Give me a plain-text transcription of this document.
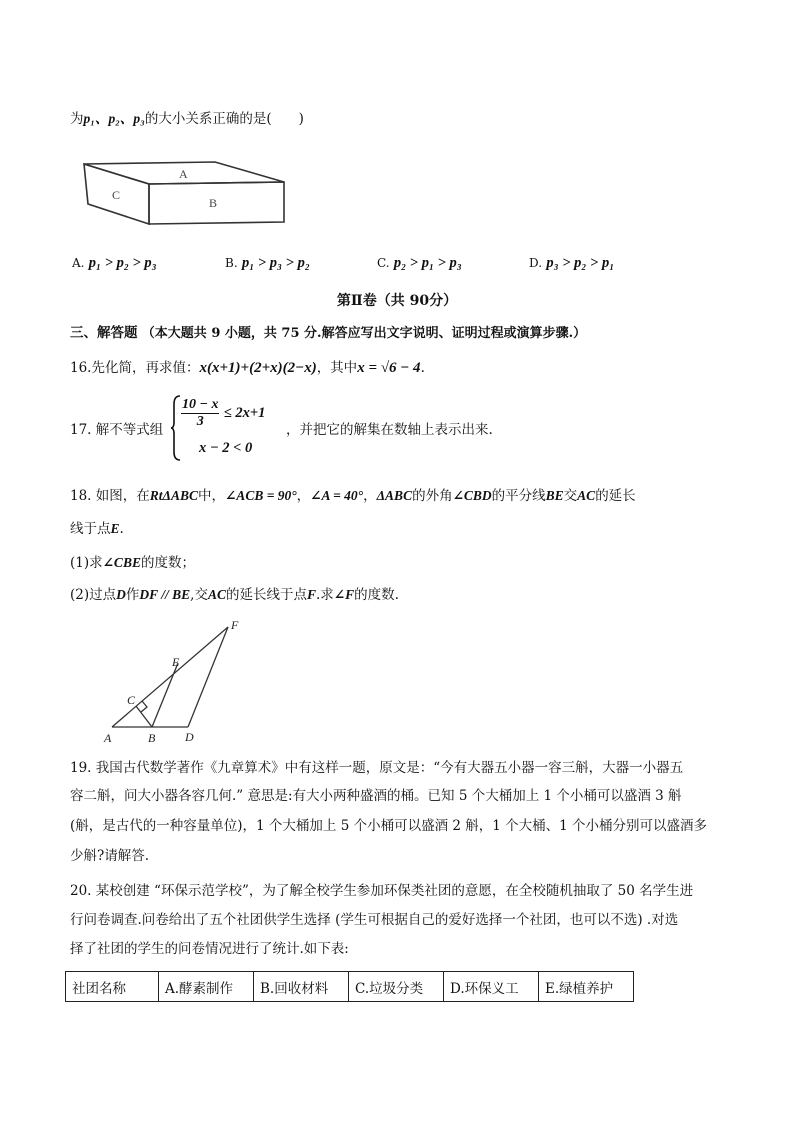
为p₁、p₂、p₃的大小关系正确的是(　　)
A
B
C
A. p₁ > p₂ > p₃	B. p₁ > p₃ > p₂	C. p₂ > p₁ > p₃	D. p₃ > p₂ > p₁
第Ⅱ卷（共 90分）
三、解答题 （本大题共 9 小题，共 75 分.解答应写出文字说明、证明过程或演算步骤.）
16.先化简，再求值：x(x+1)+(2+x)(2−x)，其中x = √6 − 4.
17. 解不等式组 $\frac{10 - x}{3} \le 2x+1$
x − 2 < 0
，并把它的解集在数轴上表示出来.
18. 如图，在RtΔABC中，∠ACB = 90°，∠A = 40°，ΔABC的外角∠CBD的平分线BE交AC的延长
线于点E.
(1)求∠CBE的度数；
(2)过点D作DF // BE,交AC的延长线于点F.求∠F的度数.
A	B D
C
E
F
19. 我国古代数学著作《九章算术》中有这样一题，原文是：“今有大器五小器一容三斛，大器一小器五
容二斛，问大小器各容几何.” 意思是:有大小两种盛酒的桶。已知 5 个大桶加上 1 个小桶可以盛酒 3 斛
(斛，是古代的一种容量单位)，1 个大桶加上 5 个小桶可以盛酒 2 斛，1 个大桶、1 个小桶分别可以盛酒多
少斛?请解答.
20. 某校创建 “环保示范学校”，为了解全校学生参加环保类社团的意愿，在全校随机抽取了 50 名学生进
行问卷调查.问卷给出了五个社团供学生选择 (学生可根据自己的爱好选择一个社团，也可以不选) .对选
择了社团的学生的问卷情况进行了统计.如下表:
社团名称	A.酵素制作	B.回收材料	C.垃圾分类	D.环保义工	E.绿植养护
